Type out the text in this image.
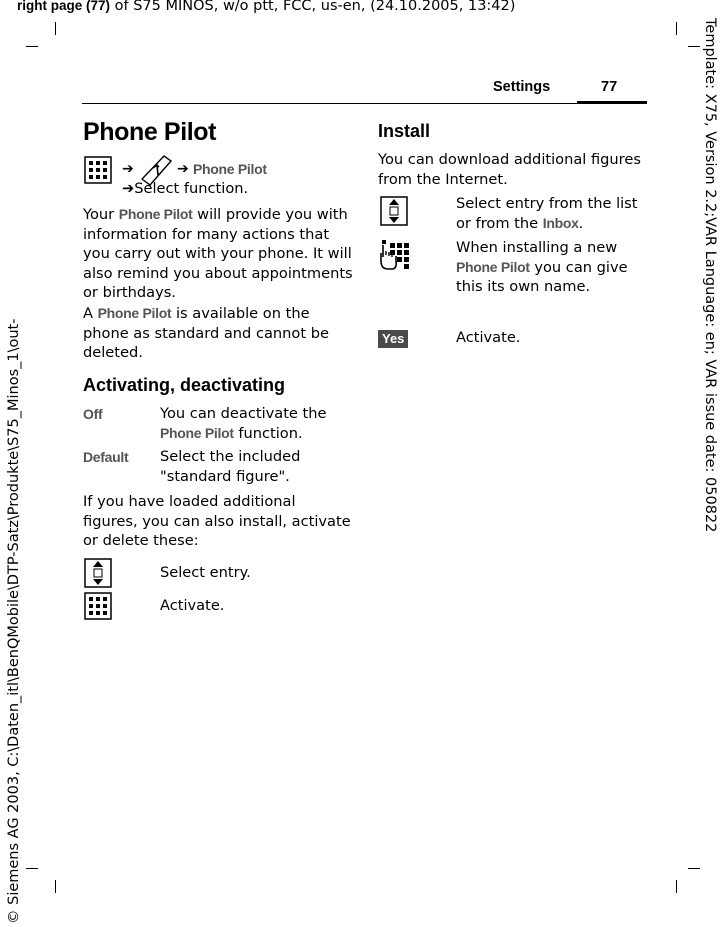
right page (77) of S75 MINOS, w/o ptt, FCC, us-en, (24.10.2005, 13:42)
Template: X75, Version 2.2;VAR Language: en; VAR issue date: 050822
© Siemens AG 2003, C:\Daten_itl\BenQMobile\DTP-Satz\Produkte\S75_Minos_1\out-
Settings	77
Phone Pilot
➔	➔ Phone Pilot
➔Select function.
Your Phone Pilot will provide you with information for many actions that you carry out with your phone. It will also remind you about appointments or birthdays.
A Phone Pilot is available on the phone as standard and cannot be deleted.
Activating, deactivating
Off	You can deactivate the Phone Pilot function.
Default Select the included "standard figure".
If you have loaded additional figures, you can also install, activate or delete these:
Select entry.
Activate.
Install
You can download additional figures from the Internet.
Select entry from the list or from the Inbox.
When installing a new Phone Pilot you can give this its own name.
Yes	Activate.
